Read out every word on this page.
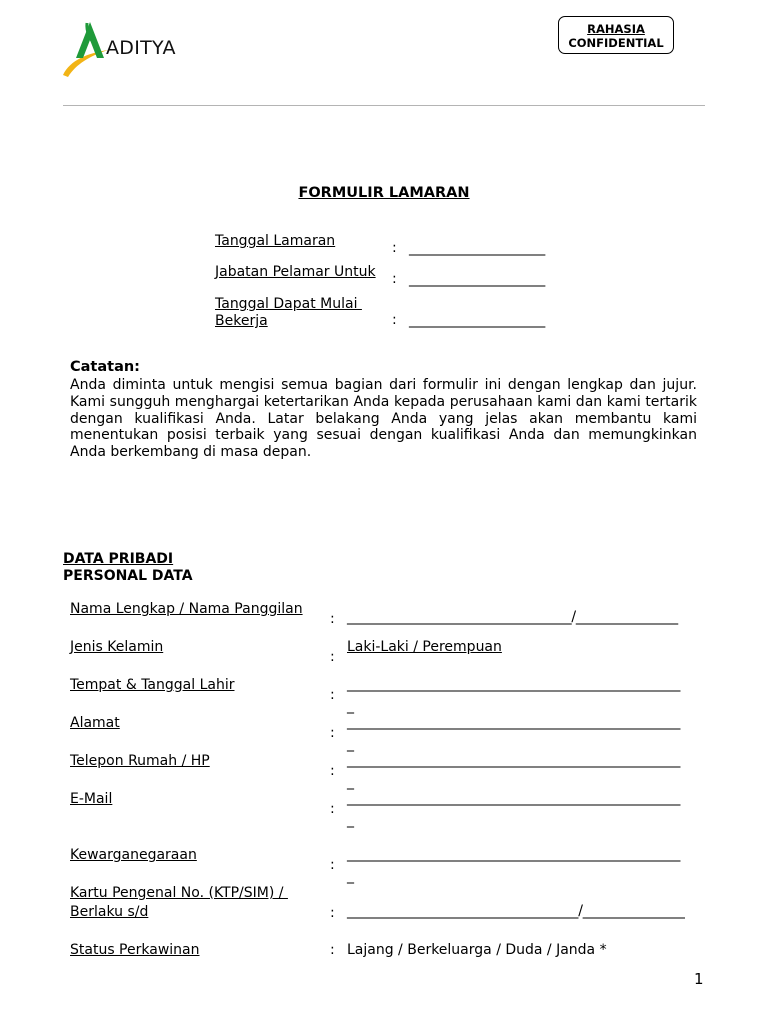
ADITYA
RAHASIA
CONFIDENTIAL
FORMULIR LAMARAN
Tanggal Lamaran	: ____________________
Jabatan Pelamar Untuk : ____________________
Tanggal Dapat Mulai
Bekerja	: ____________________
Catatan:
Anda diminta untuk mengisi semua bagian dari formulir ini dengan lengkap dan jujur. Kami sungguh menghargai ketertarikan Anda kepada perusahaan kami dan kami tertarik dengan kualifikasi Anda. Latar belakang Anda yang jelas akan membantu kami menentukan posisi terbaik yang sesuai dengan kualifikasi Anda dan memungkinkan Anda berkembang di masa depan.
DATA PRIBADI
PERSONAL DATA
Nama Lengkap / Nama Panggilan
: _________________________________/_______________
Jenis Kelamin
:
Laki-Laki / Perempuan
Tempat & Tanggal Lahir
:
_________________________________________________
_
Alamat
:
_________________________________________________
_
Telepon Rumah / HP
:
_________________________________________________
_
E-Mail
:
_________________________________________________
_
Kewarganegaraan
:
_________________________________________________
_
Kartu Pengenal No. (KTP/SIM) /
Berlaku s/d	: __________________________________/_______________
Status Perkawinan	: Lajang / Berkeluarga / Duda / Janda *
1
